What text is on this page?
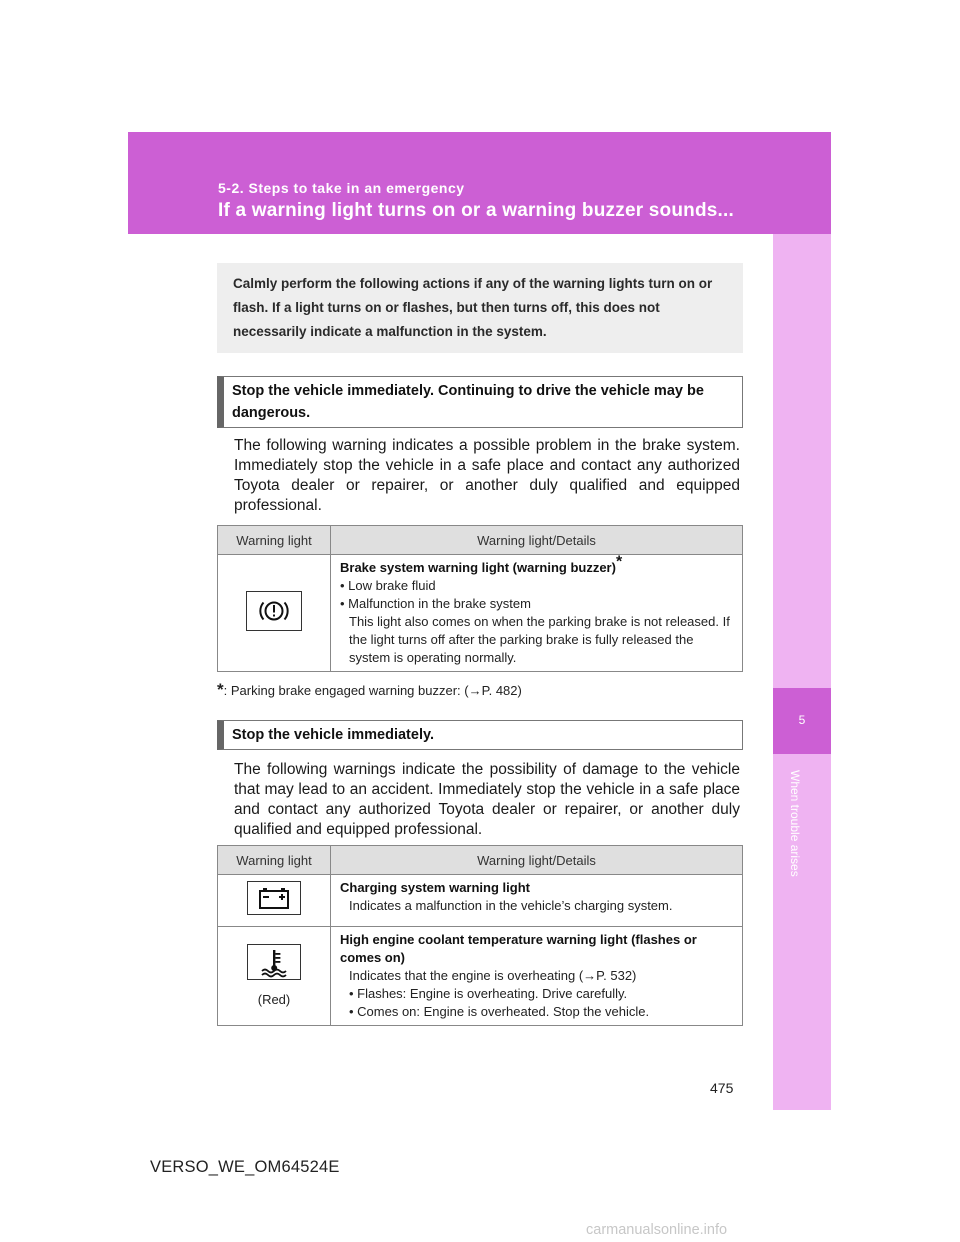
5-2. Steps to take in an emergency
If a warning light turns on or a warning buzzer sounds...
5
When trouble arises
Calmly perform the following actions if any of the warning lights turn on or flash. If a light turns on or flashes, but then turns off, this does not necessarily indicate a malfunction in the system.
Stop the vehicle immediately. Continuing to drive the vehicle may be dangerous.
The following warning indicates a possible problem in the brake system. Immediately stop the vehicle in a safe place and contact any authorized Toyota dealer or repairer, or another duly qualified and equipped professional.
Warning light	Warning light/Details

Brake system warning light (warning buzzer)*
• Low brake fluid
• Malfunction in the brake system
This light also comes on when the parking brake is not released. If the light turns off after the parking brake is fully released the system is operating normally.
*: Parking brake engaged warning buzzer: (→P. 482)
Stop the vehicle immediately.
The following warnings indicate the possibility of damage to the vehicle that may lead to an accident. Immediately stop the vehicle in a safe place and contact any authorized Toyota dealer or repairer, or another duly qualified and equipped professional.
Warning light	Warning light/Details

Charging system warning light
Indicates a malfunction in the vehicle’s charging system.

(Red)	High engine coolant temperature warning light (flashes or comes on)
Indicates that the engine is overheating (→P. 532)
• Flashes: Engine is overheating. Drive carefully.
• Comes on: Engine is overheated. Stop the vehicle.
475
VERSO_WE_OM64524E
carmanualsonline.info
